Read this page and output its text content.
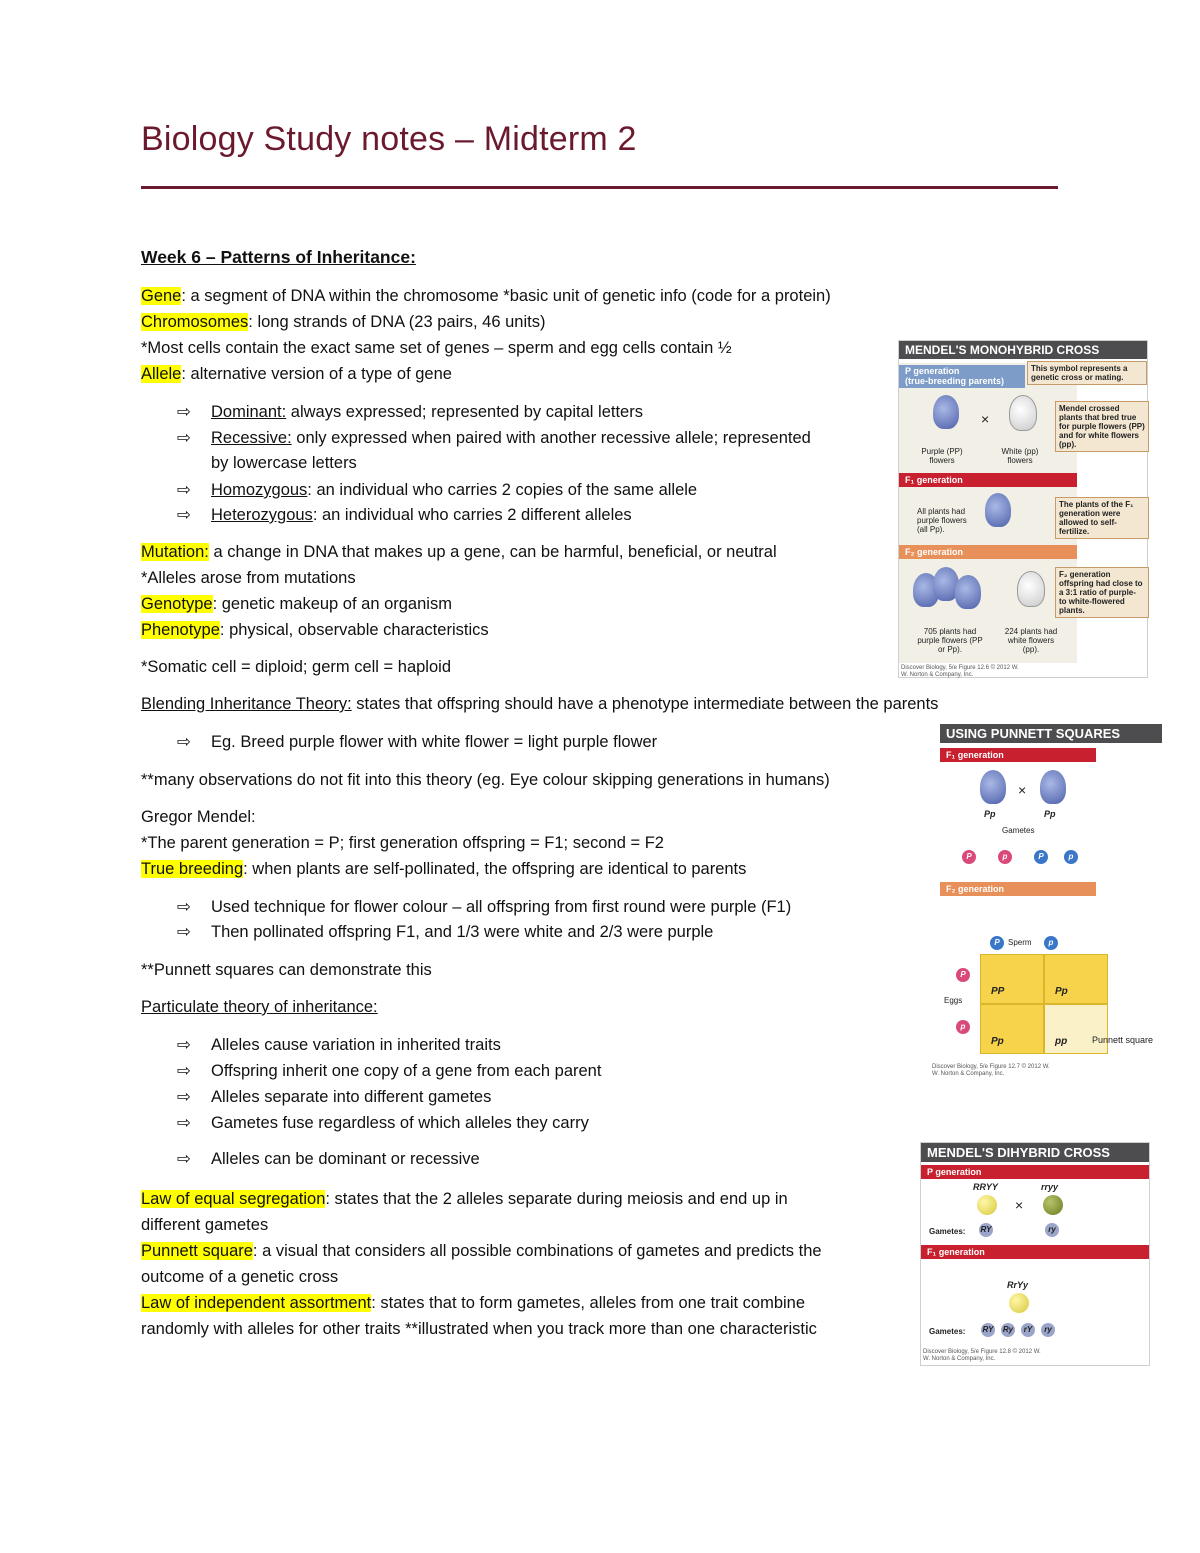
Biology Study notes – Midterm 2
Week 6 – Patterns of Inheritance:
Gene: a segment of DNA within the chromosome *basic unit of genetic info (code for a protein)
Chromosomes: long strands of DNA (23 pairs, 46 units)
*Most cells contain the exact same set of genes – sperm and egg cells contain ½
Allele: alternative version of a type of gene
⇨ Dominant: always expressed; represented by capital letters
⇨ Recessive: only expressed when paired with another recessive allele; represented
by lowercase letters
⇨ Homozygous: an individual who carries 2 copies of the same allele
⇨ Heterozygous: an individual who carries 2 different alleles
Mutation: a change in DNA that makes up a gene, can be harmful, beneficial, or neutral
*Alleles arose from mutations
Genotype: genetic makeup of an organism
Phenotype: physical, observable characteristics
*Somatic cell = diploid; germ cell = haploid
Blending Inheritance Theory: states that offspring should have a phenotype intermediate between the parents
⇨ Eg. Breed purple flower with white flower = light purple flower
**many observations do not fit into this theory (eg. Eye colour skipping generations in humans)
Gregor Mendel:
*The parent generation = P; first generation offspring = F1; second = F2
True breeding: when plants are self-pollinated, the offspring are identical to parents
⇨ Used technique for flower colour – all offspring from first round were purple (F1)
⇨ Then pollinated offspring F1, and 1/3 were white and 2/3 were purple
**Punnett squares can demonstrate this
Particulate theory of inheritance:
⇨ Alleles cause variation in inherited traits
⇨ Offspring inherit one copy of a gene from each parent
⇨ Alleles separate into different gametes
⇨ Gametes fuse regardless of which alleles they carry
⇨ Alleles can be dominant or recessive
Law of equal segregation: states that the 2 alleles separate during meiosis and end up in
different gametes
Punnett square: a visual that considers all possible combinations of gametes and predicts the
outcome of a genetic cross
Law of independent assortment: states that to form gametes, alleles from one trait combine
randomly with alleles for other traits **illustrated when you track more than one characteristic
MENDEL'S MONOHYBRID CROSS
P generation
(true-breeding parents)
This symbol represents a genetic cross or mating.
Mendel crossed plants that bred true for purple flowers (PP) and for white flowers (pp).
×
Purple (PP) flowers
White (pp) flowers
F₁ generation
All plants had purple flowers (all Pp).
The plants of the F₁ generation were allowed to self-fertilize.
F₂ generation
F₂ generation offspring had close to a 3:1 ratio of purple- to white-flowered plants.
705 plants had purple flowers (PP or Pp).
224 plants had white flowers (pp).
Discover Biology, 5/e Figure 12.6 © 2012 W. W. Norton & Company, Inc.
USING PUNNETT SQUARES
F₁ generation
×
Pp	Pp
Gametes
P	p	P	p
F₂ generation
P	Sperm	p
P
Eggs
p
PP	Pp
Pp	pp	Punnett square
Discover Biology, 5/e Figure 12.7 © 2012 W. W. Norton & Company, Inc.
MENDEL'S DIHYBRID CROSS
P generation
RRYY	rryy
×
Gametes: RY	ry
F₁ generation
RrYy
Gametes: RY Ry	rY	ry
Discover Biology, 5/e Figure 12.8 © 2012 W. W. Norton & Company, Inc.
